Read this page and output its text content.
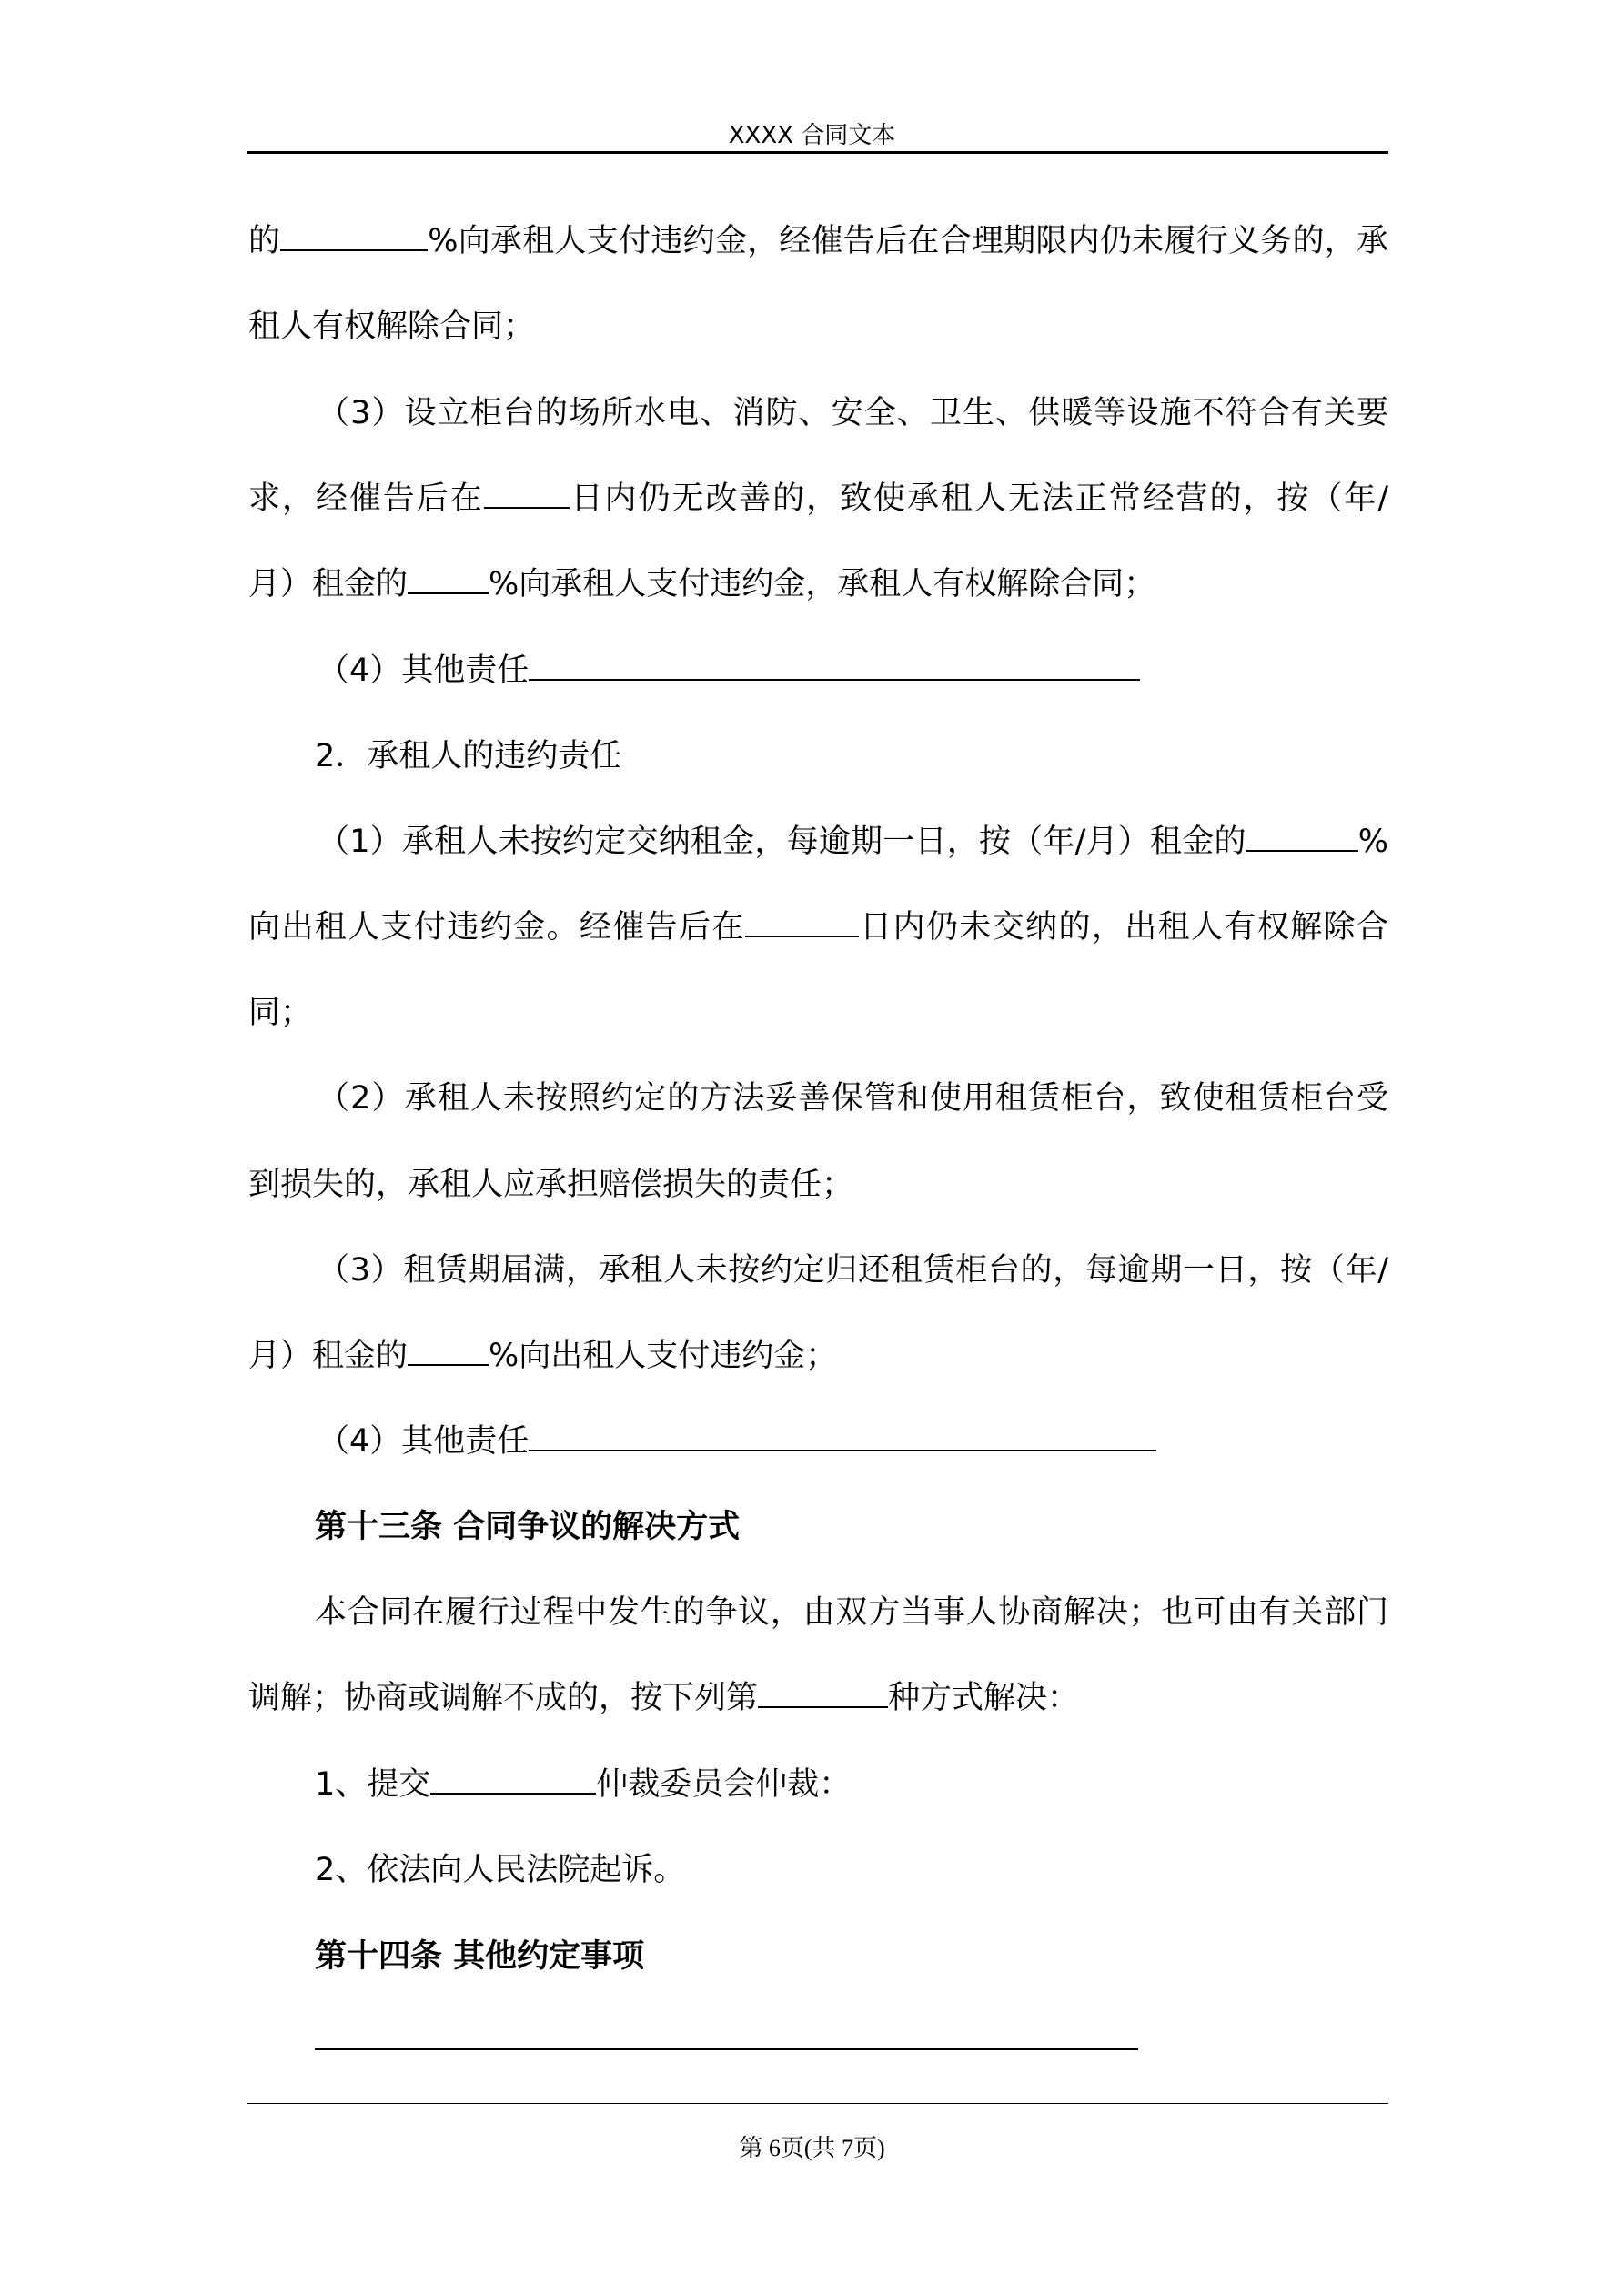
XXXX 合同文本
的	%向承租人支付违约金，经催告后在合理期限内仍未履行义务的，承
租人有权解除合同；
（3）设立柜台的场所水电、消防、安全、卫生、供暖等设施不符合有关要
求，经催告后在	日内仍无改善的，致使承租人无法正常经营的，按（年/
月）租金的	%向承租人支付违约金，承租人有权解除合同；
（4）其他责任
2．承租人的违约责任
（1）承租人未按约定交纳租金，每逾期一日，按（年/月）租金的	%
向出租人支付违约金。经催告后在	日内仍未交纳的，出租人有权解除合
同；
（2）承租人未按照约定的方法妥善保管和使用租赁柜台，致使租赁柜台受
到损失的，承租人应承担赔偿损失的责任；
（3）租赁期届满，承租人未按约定归还租赁柜台的，每逾期一日，按（年/
月）租金的	%向出租人支付违约金；
（4）其他责任
第十三条 合同争议的解决方式
本合同在履行过程中发生的争议，由双方当事人协商解决；也可由有关部门
调解；协商或调解不成的，按下列第	种方式解决：
1、提交	仲裁委员会仲裁：
2、依法向人民法院起诉。
第十四条 其他约定事项
第 6页(共 7页)
